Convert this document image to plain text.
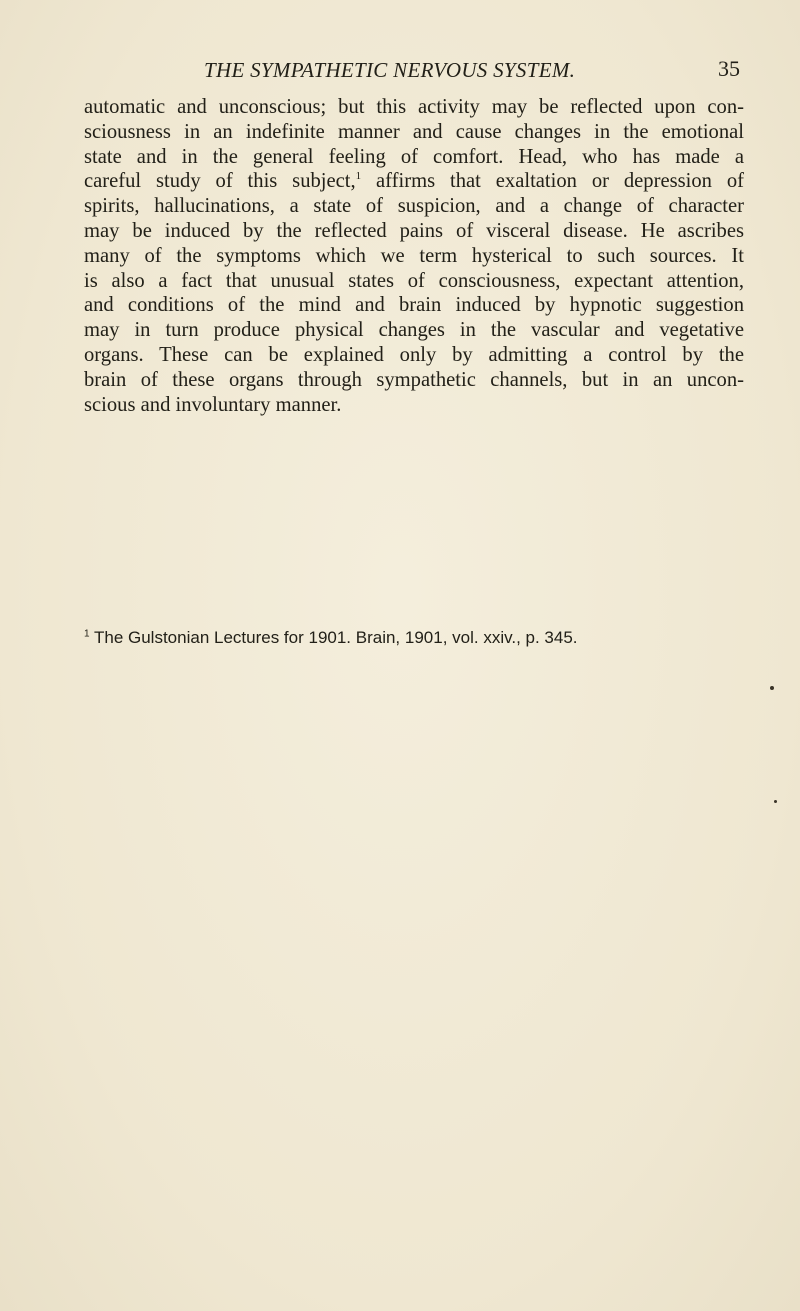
THE SYMPATHETIC NERVOUS SYSTEM.	35
automatic and unconscious; but this activity may be reflected upon con-
sciousness in an indefinite manner and cause changes in the emotional
state and in the general feeling of comfort. Head, who has made a
careful study of this subject,$^1$ affirms that exaltation or depression of
spirits, hallucinations, a state of suspicion, and a change of character
may be induced by the reflected pains of visceral disease. He ascribes
many of the symptoms which we term hysterical to such sources. It
is also a fact that unusual states of consciousness, expectant attention,
and conditions of the mind and brain induced by hypnotic suggestion
may in turn produce physical changes in the vascular and vegetative
organs. These can be explained only by admitting a control by the
brain of these organs through sympathetic channels, but in an uncon-
scious and involuntary manner.
$^1$ The Gulstonian Lectures for 1901. Brain, 1901, vol. xxiv., p. 345.
